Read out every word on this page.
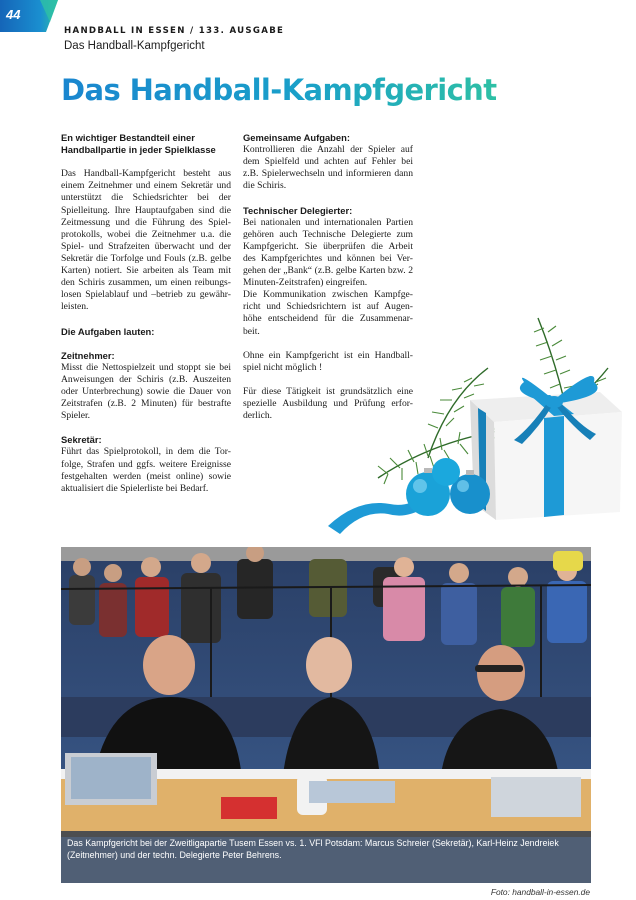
44
HANDBALL IN ESSEN / 133. AUSGABE
Das Handball-Kampfgericht
Das Handball-Kampfgericht

En wichtiger Bestandteil einer Handballpartie in jeder Spielklasse

Das Handball-Kampfgericht besteht aus einem Zeitnehmer und einem Sekretär und unterstützt die Schiedsrichter bei der Spielleitung. Ihre Hauptaufgaben sind die Zeitmessung und die Führung des Spiel-protokolls, wobei die Zeitnehmer u.a. die Spiel- und Strafzeiten überwacht und der Sekretär die Torfolge und Fouls (z.B. gelbe Karten) notiert. Sie arbeiten als Team mit den Schiris zusammen, um einen reibungs-losen Spielablauf und –betrieb zu gewähr-leisten.

Die Aufgaben lauten:

Zeitnehmer:

Misst die Nettospielzeit und stoppt sie bei Anweisungen der Schiris (z.B. Auszeiten oder Unterbrechung) sowie die Dauer von Zeitstrafen (z.B. 2 Minuten) für bestrafte Spieler.

Sekretär:

Führt das Spielprotokoll, in dem die Tor-folge, Strafen und ggfs. weitere Ereignisse festgehalten werden (meist online) sowie aktualisiert die Spielerliste bei Bedarf.

Gemeinsame Aufgaben:

Kontrollieren die Anzahl der Spieler auf dem Spielfeld und achten auf Fehler bei z.B. Spielerwechseln und informieren dann die Schiris.

Technischer Delegierter:
Bei nationalen und internationalen Partien gehören auch Technische Delegierte zum Kampfgericht. Sie überprüfen die Arbeit des Kampfgerichtes und können bei Ver-gehen der „Bank“ (z.B. gelbe Karten bzw. 2 Minuten-Zeitstrafen) eingreifen.

Die Kommunikation zwischen Kampfge-richt und Schiedsrichtern ist auf Augen-höhe entscheidend für die Zusammenar-beit.

Ohne ein Kampfgericht ist ein Handball-spiel nicht möglich !

Für diese Tätigkeit ist grundsätzlich eine spezielle Ausbildung und Prüfung erfor-derlich.

Das Kampfgericht bei der Zweitligapartie Tusem Essen vs. 1. VFl Potsdam: Marcus Schreier (Sekretär), Karl-Heinz Jendreiek (Zeitnehmer) und der techn. Delegierte Peter Behrens.
Foto: handball-in-essen.de
